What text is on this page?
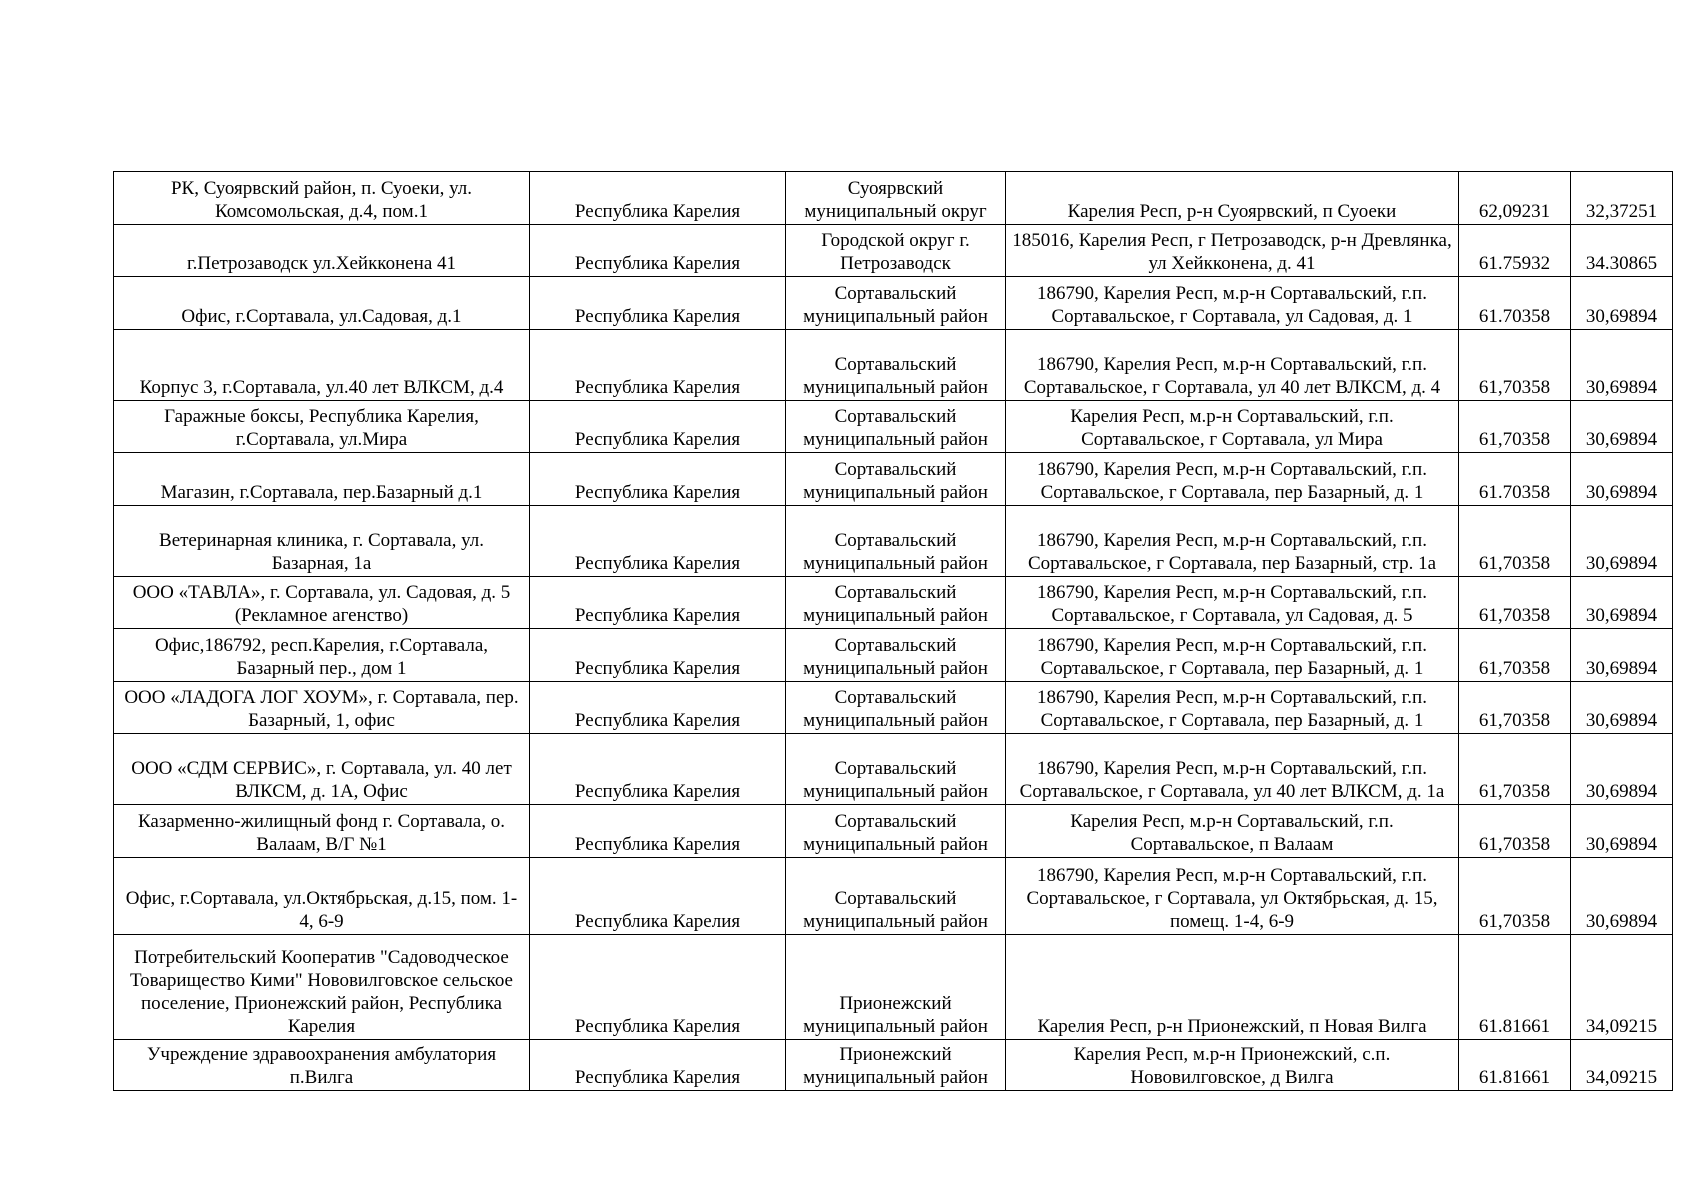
РК, Суоярвский район, п. Суоеки, ул. Комсомольская, д.4, пом.1	Республика Карелия	Суоярвский муниципальный округ	Карелия Респ, р-н Суоярвский, п Суоеки	62,09231	32,37251
г.Петрозаводск ул.Хейкконена 41	Республика Карелия	Городской округ г. Петрозаводск	185016, Карелия Респ, г Петрозаводск, р-н Древлянка, ул Хейкконена, д. 41	61.75932	34.30865
Офис, г.Сортавала, ул.Садовая, д.1	Республика Карелия	Сортавальский муниципальный район	186790, Карелия Респ, м.р-н Сортавальский, г.п. Сортавальское, г Сортавала, ул Садовая, д. 1	61.70358	30,69894
Корпус 3, г.Сортавала, ул.40 лет ВЛКСМ, д.4	Республика Карелия	Сортавальский муниципальный район	186790, Карелия Респ, м.р-н Сортавальский, г.п. Сортавальское, г Сортавала, ул 40 лет ВЛКСМ, д. 4	61,70358	30,69894
Гаражные боксы, Республика Карелия, г.Сортавала, ул.Мира	Республика Карелия	Сортавальский муниципальный район	Карелия Респ, м.р-н Сортавальский, г.п. Сортавальское, г Сортавала, ул Мира	61,70358	30,69894
Магазин, г.Сортавала, пер.Базарный д.1	Республика Карелия	Сортавальский муниципальный район	186790, Карелия Респ, м.р-н Сортавальский, г.п. Сортавальское, г Сортавала, пер Базарный, д. 1	61.70358	30,69894
Ветеринарная клиника, г. Сортавала, ул. Базарная, 1а	Республика Карелия	Сортавальский муниципальный район	186790, Карелия Респ, м.р-н Сортавальский, г.п. Сортавальское, г Сортавала, пер Базарный, стр. 1а	61,70358	30,69894
ООО «ТАВЛА», г. Сортавала, ул. Садовая, д. 5 (Рекламное агенство)	Республика Карелия	Сортавальский муниципальный район	186790, Карелия Респ, м.р-н Сортавальский, г.п. Сортавальское, г Сортавала, ул Садовая, д. 5	61,70358	30,69894
Офис,186792, респ.Карелия, г.Сортавала, Базарный пер., дом 1	Республика Карелия	Сортавальский муниципальный район	186790, Карелия Респ, м.р-н Сортавальский, г.п. Сортавальское, г Сортавала, пер Базарный, д. 1	61,70358	30,69894
ООО «ЛАДОГА ЛОГ ХОУМ», г. Сортавала, пер. Базарный, 1, офис	Республика Карелия	Сортавальский муниципальный район	186790, Карелия Респ, м.р-н Сортавальский, г.п. Сортавальское, г Сортавала, пер Базарный, д. 1	61,70358	30,69894
ООО «СДМ СЕРВИС», г. Сортавала, ул. 40 лет ВЛКСМ, д. 1А, Офис	Республика Карелия	Сортавальский муниципальный район	186790, Карелия Респ, м.р-н Сортавальский, г.п. Сортавальское, г Сортавала, ул 40 лет ВЛКСМ, д. 1а	61,70358	30,69894
Казарменно-жилищный фонд г. Сортавала, о. Валаам, В/Г №1	Республика Карелия	Сортавальский муниципальный район	Карелия Респ, м.р-н Сортавальский, г.п. Сортавальское, п Валаам	61,70358	30,69894
Офис, г.Сортавала, ул.Октябрьская, д.15, пом. 1-4, 6-9	Республика Карелия	Сортавальский муниципальный район	186790, Карелия Респ, м.р-н Сортавальский, г.п. Сортавальское, г Сортавала, ул Октябрьская, д. 15, помещ. 1-4, 6-9	61,70358	30,69894
Потребительский Кооператив "Садоводческое Товарищество Кими" Нововилговское сельское поселение, Прионежский район, Республика Карелия	Республика Карелия	Прионежский муниципальный район	Карелия Респ, р-н Прионежский, п Новая Вилга	61.81661	34,09215
Учреждение здравоохранения амбулатория п.Вилга	Республика Карелия	Прионежский муниципальный район	Карелия Респ, м.р-н Прионежский, с.п. Нововилговское, д Вилга	61.81661	34,09215
